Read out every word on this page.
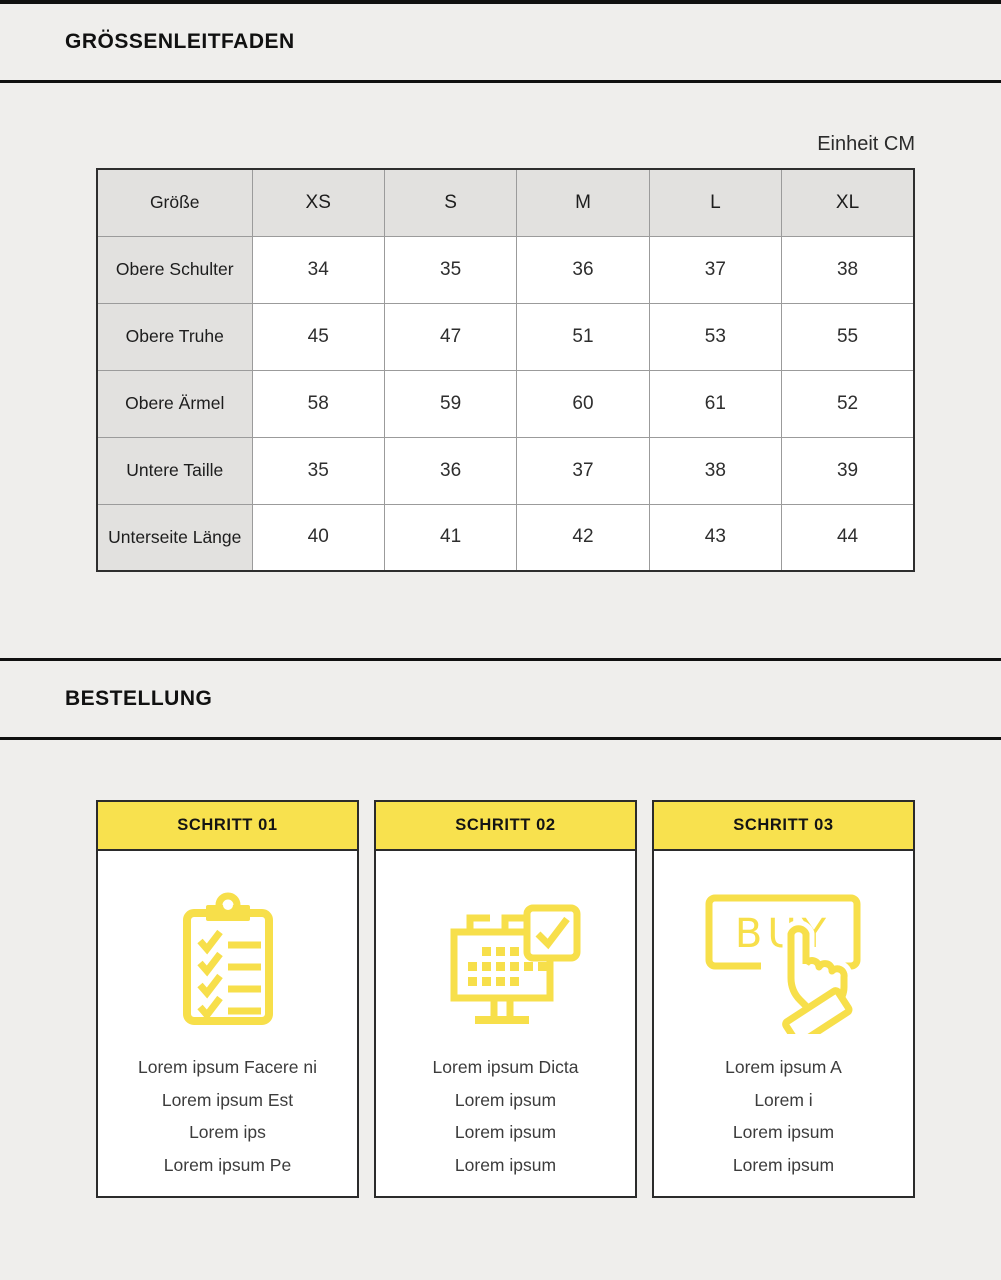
GRÖSSENLEITFADEN
Einheit CM
Größe	XS	S	M	L	XL
Obere Schulter	34	35	36	37	38
Obere Truhe	45	47	51	53	55
Obere Ärmel	58	59	60	61	52
Untere Taille	35	36	37	38	39
Unterseite Länge	40	41	42	43	44
BESTELLUNG
SCHRITT 01
Lorem ipsum Facere ni
Lorem ipsum Est
Lorem ips
Lorem ipsum Pe
SCHRITT 02
Lorem ipsum Dicta
Lorem ipsum
Lorem ipsum
Lorem ipsum
SCHRITT 03
BUY
Lorem ipsum A
Lorem i
Lorem ipsum
Lorem ipsum
